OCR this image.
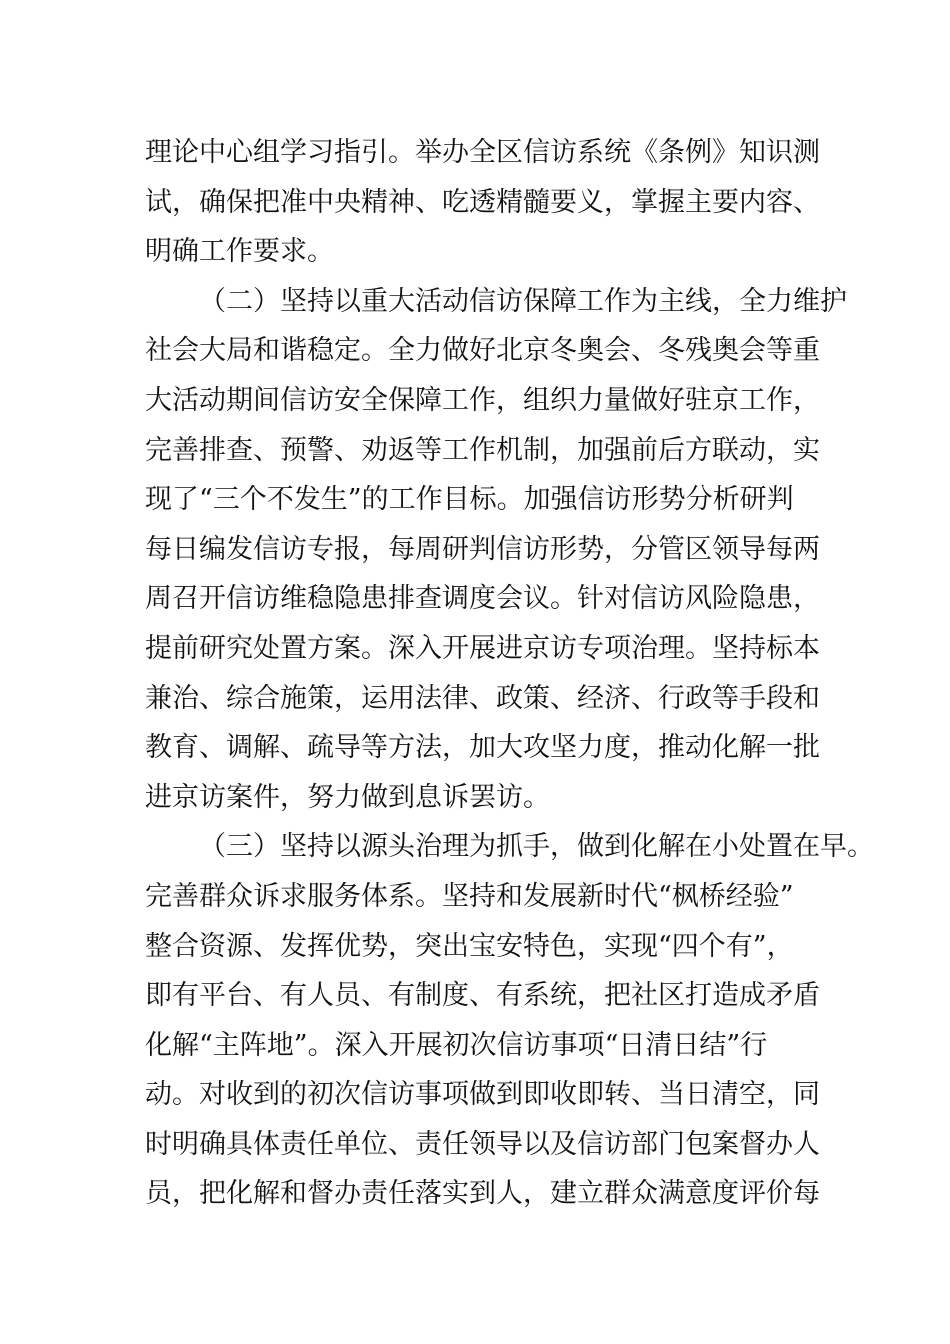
理论中心组学习指引。举办全区信访系统《条例》知识测
试，确保把准中央精神、吃透精髓要义，掌握主要内容、
明确工作要求。
（二）坚持以重大活动信访保障工作为主线，全力维护
社会大局和谐稳定。全力做好北京冬奥会、冬残奥会等重
大活动期间信访安全保障工作，组织力量做好驻京工作，
完善排查、预警、劝返等工作机制，加强前后方联动，实
现了“三个不发生”的工作目标。加强信访形势分析研判
每日编发信访专报，每周研判信访形势，分管区领导每两
周召开信访维稳隐患排查调度会议。针对信访风险隐患，
提前研究处置方案。深入开展进京访专项治理。坚持标本
兼治、综合施策，运用法律、政策、经济、行政等手段和
教育、调解、疏导等方法，加大攻坚力度，推动化解一批
进京访案件，努力做到息诉罢访。
（三）坚持以源头治理为抓手，做到化解在小处置在早。
完善群众诉求服务体系。坚持和发展新时代“枫桥经验”
整合资源、发挥优势，突出宝安特色，实现“四个有”，
即有平台、有人员、有制度、有系统，把社区打造成矛盾
化解“主阵地”。深入开展初次信访事项“日清日结”行
动。对收到的初次信访事项做到即收即转、当日清空，同
时明确具体责任单位、责任领导以及信访部门包案督办人
员，把化解和督办责任落实到人，建立群众满意度评价每
